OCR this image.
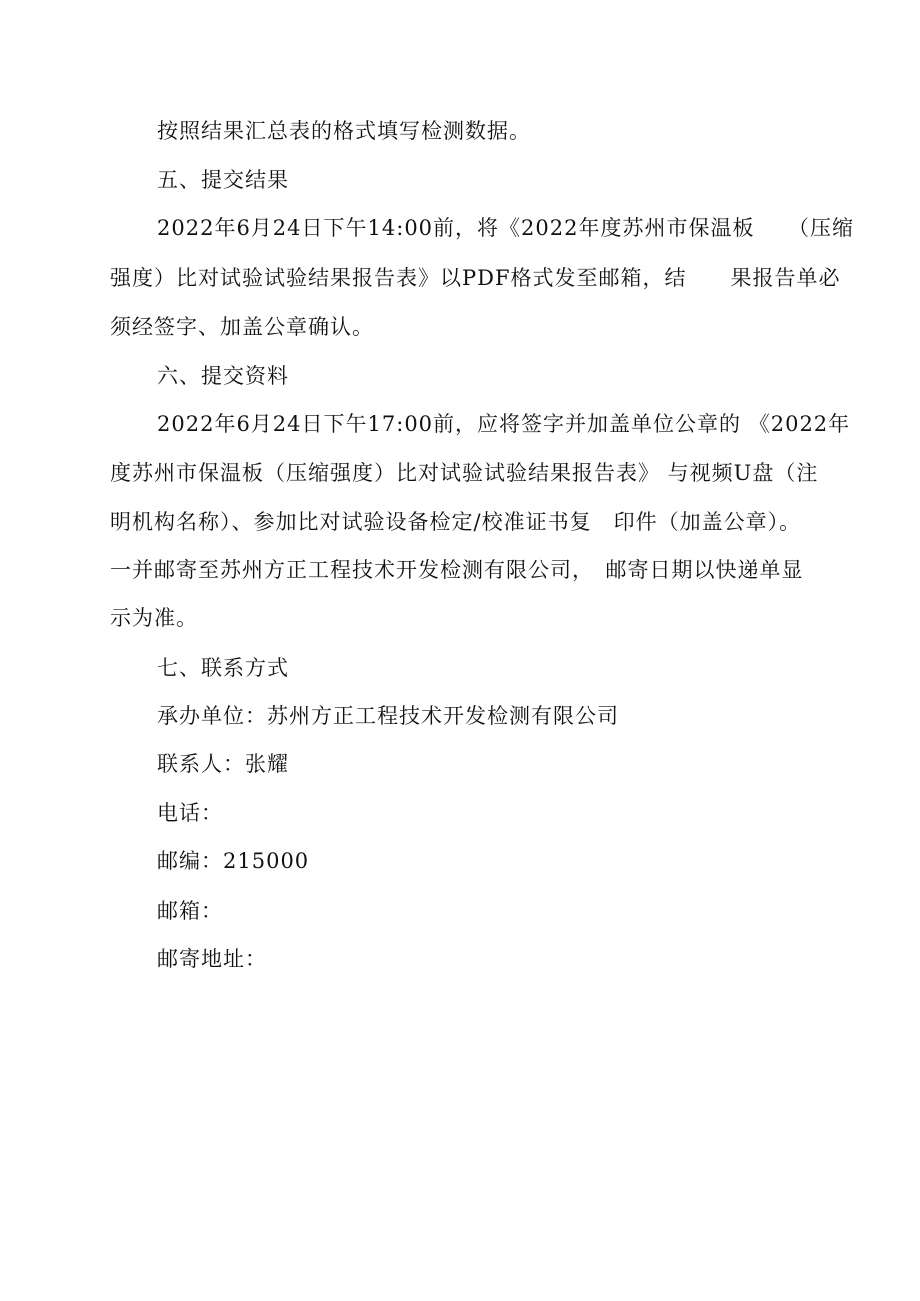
按照结果汇总表的格式填写检测数据。
五、提交结果
2022年6月24日下午14:00前，将《2022年度苏州市保温板　　（压缩
强度）比对试验试验结果报告表》以PDF格式发至邮箱，结　　果报告单必
须经签字、加盖公章确认。
六、提交资料
2022年6月24日下午17:00前，应将签字并加盖单位公章的 《2022年
度苏州市保温板（压缩强度）比对试验试验结果报告表》 与视频U盘（注
明机构名称）、参加比对试验设备检定/校准证书复　印件（加盖公章）。
一并邮寄至苏州方正工程技术开发检测有限公司，　邮寄日期以快递单显
示为准。
七、联系方式
承办单位：苏州方正工程技术开发检测有限公司
联系人：张耀
电话：
邮编：215000
邮箱：
邮寄地址：
